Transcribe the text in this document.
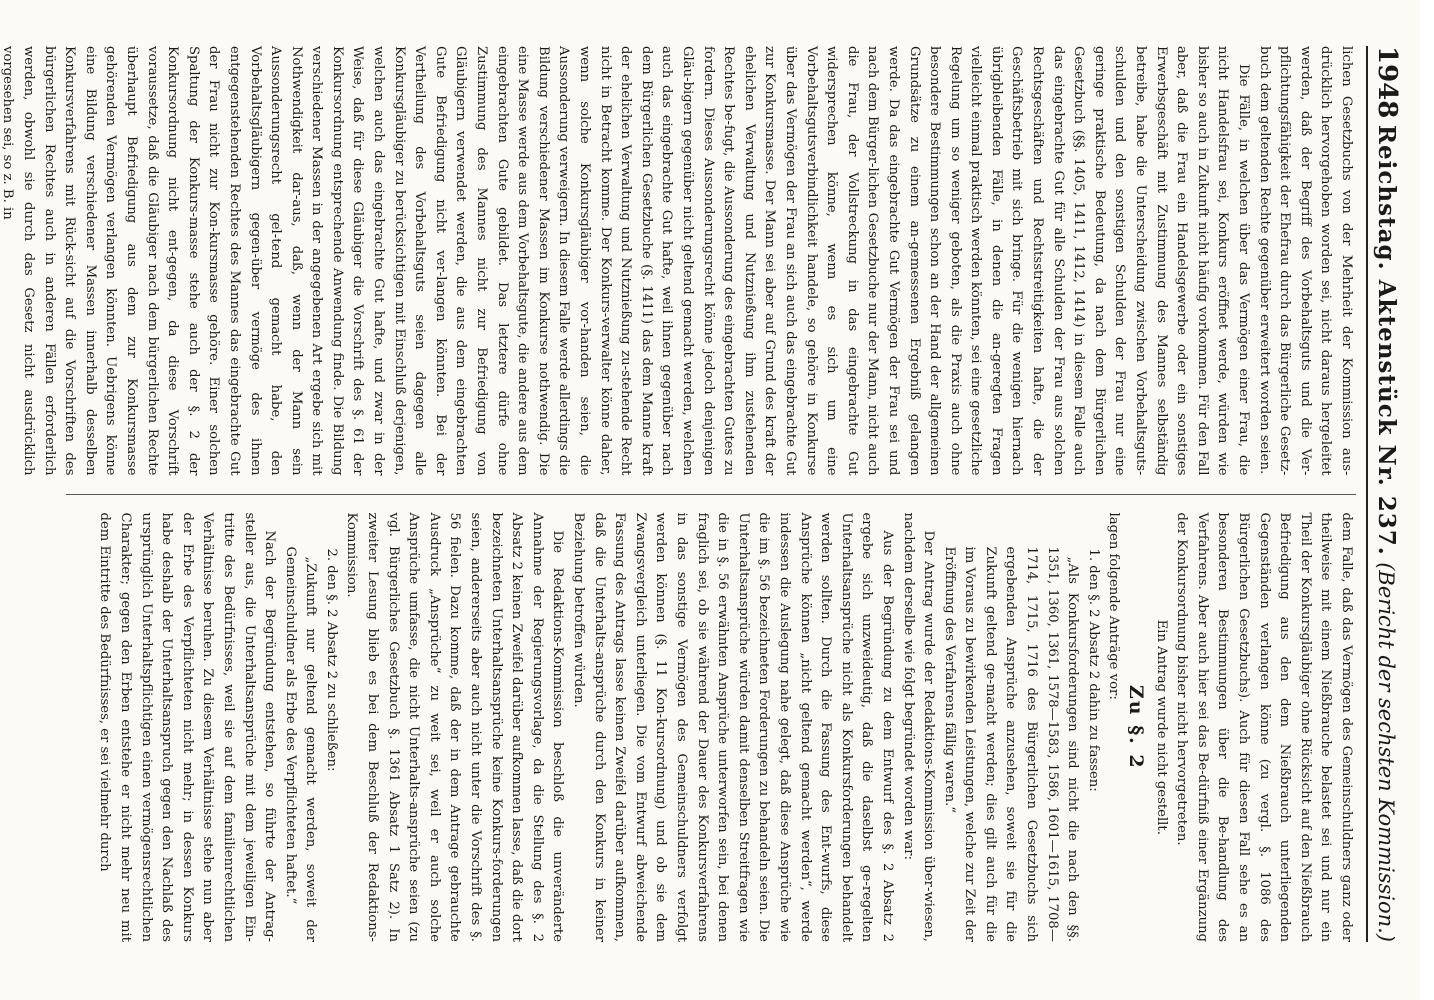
1948
Reichstag. Aktenstück Nr. 237.
(Bericht der sechsten Kommission.)

lichen Gesetzbuchs von der Mehrheit der Kommission aus-drücklich hervorgehoben worden sei, nicht daraus hergeleitet werden, daß der Begriff des Vorbehaltsguts und die Ver-pflichtungsfähigkeit der Ehefrau durch das Bürgerliche Gesetz-buch dem geltenden Rechte gegenüber erweitert worden seien.

Die Fälle, in welchen über das Vermögen einer Frau, die nicht Handelsfrau sei, Konkurs eröffnet werde, würden wie bisher so auch in Zukunft nicht häufig vorkommen. Für den Fall aber, daß die Frau ein Handelsgewerbe oder ein sonstiges Erwerbsgeschäft mit Zustimmung des Mannes selbständig betreibe, habe die Unterscheidung zwischen Vorbehaltsguts-schulden und den sonstigen Schulden der Frau nur eine geringe praktische Bedeutung, da nach dem Bürgerlichen Gesetzbuch (§§. 1405, 1411, 1412, 1414) in diesem Falle auch das eingebrachte Gut für alle Schulden der Frau aus solchen Rechtsgeschäften und Rechtsstreitigkeiten hafte, die der Geschäftsbetrieb mit sich bringe. Für die wenigen hiernach übrigbleibenden Fälle, in denen die an-geregten Fragen vielleicht einmal praktisch werden könnten, sei eine gesetzliche Regelung um so weniger geboten, als die Praxis auch ohne besondere Bestimmungen schon an der Hand der allgemeinen Grundsätze zu einem an-gemessenen Ergebniß gelangen werde. Da das eingebrachte Gut Vermögen der Frau sei und nach dem Bürger-lichen Gesetzbuche nur der Mann, nicht auch die Frau, der Vollstreckung in das eingebrachte Gut widersprechen könne, wenn es sich um eine Vorbehaltsgutsverbindlichkeit handele, so gehöre in Konkurse über das Vermögen der Frau an sich auch das eingebrachte Gut zur Konkursmasse. Der Mann sei aber auf Grund des kraft der ehelichen Verwaltung und Nutznießung ihm zustehenden Rechtes be-fugt, die Aussonderung des eingebrachten Gutes zu fordern. Dieses Aussonderungsrecht könne jedoch denjenigen Gläu-bigern gegenüber nicht geltend gemacht werden, welchen auch das eingebrachte Gut hafte, weil ihnen gegenüber nach dem Bürgerlichen Gesetzbuche (§. 1411) das dem Manne kraft der ehelichen Verwaltung und Nutznießung zu-stehende Recht nicht in Betracht komme. Der Konkurs-verwalter könne daher, wenn solche Konkursgläubiger vor-handen seien, die Aussonderung verweigern. In diesem Falle werde allerdings die Bildung verschiedener Massen im Konkurse nothwendig. Die eine Masse werde aus dem Vorbehaltsgute, die andere aus dem eingebrachten Gute gebildet. Das letztere dürfe ohne Zustimmung des Mannes nicht zur Befriedigung von Gläubigern verwendet werden, die aus dem eingebrachten Gute Befriedigung nicht ver-langen könnten. Bei der Vertheilung des Vorbehaltsguts seien dagegen alle Konkursgläubiger zu berücksichtigen mit Einschluß derjenigen, welchen auch das eingebrachte Gut hafte, und zwar in der Weise, daß für diese Gläubiger die Vorschrift des §. 61 der Konkursordnung entsprechende Anwendung finde. Die Bildung verschiedener Massen in der angegebenen Art ergebe sich mit Nothwendigkeit dar-aus, daß, wenn der Mann sein Aussonderungsrecht gel-tend gemacht habe, den Vorbehaltsgläubigern gegen-über vermöge des ihnen entgegenstehenden Rechtes des Mannes das eingebrachte Gut der Frau nicht zur Kon-kursmasse gehöre. Einer solchen Spaltung der Konkurs-masse stehe auch der §. 2 der Konkursordnung nicht ent-gegen, da diese Vorschrift voraussetze, daß die Gläubiger nach dem bürgerlichen Rechte überhaupt Befriedigung aus dem zur Konkursmasse gehörenden Vermögen verlangen könnten. Uebrigens könne eine Bildung verschiedener Massen innerhalb desselben Konkursverfahrens mit Rück-sicht auf die Vorschriften des bürgerlichen Rechtes auch in anderen Fällen erforderlich werden, obwohl sie durch das Gesetz nicht ausdrücklich vorgesehen sei, so z. B. in

dem Falle, daß das Vermögen des Gemeinschuldners ganz oder theilweise mit einem Nießbrauche belastet sei und nur ein Theil der Konkursgläubiger ohne Rücksicht auf den Nießbrauch Befriedigung aus den dem Nießbrauch unterliegenden Gegenständen verlangen könne (zu vergl. §. 1086 des Bürgerlichen Gesetzbuchs). Auch für diesen Fall sehe es an besonderen Bestimmungen über die Be-handlung des Verfahrens. Aber auch hier sei das Be-dürfniß einer Ergänzung der Konkursordnung bisher nicht hervorgetreten.

Ein Antrag wurde nicht gestellt.

Zu §. 2

lagen folgende Anträge vor:

1. den §. 2 Absatz 2 dahin zu fassen:

„Als Konkursforderungen sind nicht die nach den §§. 1351, 1360, 1361, 1578—1583, 1586, 1601—1615, 1708—1714, 1715, 1716 des Bürgerlichen Gesetzbuchs sich ergebenden Ansprüche anzusehen, soweit sie für die Zukunft geltend ge-macht werden; dies gilt auch für die im Voraus zu bewirkenden Leistungen, welche zur Zeit der Eröffnung des Verfahrens fällig waren.“

Der Antrag wurde der Redaktions-Kommission über-wiesen, nachdem derselbe wie folgt begründet worden war:

Aus der Begründung zu dem Entwurf des §. 2 Absatz 2 ergebe sich unzweideutig, daß die daselbst ge-regelten Unterhaltsansprüche nicht als Konkursforderungen behandelt werden sollten. Durch die Fassung des Ent-wurfs, diese Ansprüche können „nicht geltend gemacht werden“, werde indessen die Auslegung nahe gelegt, daß diese Ansprüche wie die im §. 56 bezeichneten Forderungen zu behandeln seien. Die Unterhaltsansprüche würden damit denselben Streitfragen wie die in §. 56 erwähnten Ansprüche unterworfen sein, bei denen fraglich sei, ob sie während der Dauer des Konkursverfahrens in das sonstige Vermögen des Gemeinschuldners verfolgt werden können (§. 11 Kon-kursordnung) und ob sie dem Zwangsvergleich unterliegen. Die vom Entwurf abweichende Fassung des Antrags lasse keinen Zweifel darüber aufkommen, daß die Unterhalts-ansprüche durch den Konkurs in keiner Beziehung betroffen würden.

Die Redaktions-Kommission beschloß die unveränderte Annahme der Regierungsvorlage, da die Stellung des §. 2 Absatz 2 keinen Zweifel darüber aufkommen lasse, daß die dort bezeichneten Unterhaltsansprüche keine Konkurs-forderungen seien, andererseits aber auch nicht unter die Vorschrift des §. 56 fielen. Dazu komme, daß der in dem Antrage gebrauchte Ausdruck „Ansprüche“ zu weit sei, weil er auch solche Ansprüche umfasse, die nicht Unterhalts-ansprüche seien (zu vgl. Bürgerliches Gesetzbuch §. 1361 Absatz 1 Satz 2). In zweiter Lesung blieb es bei dem Beschluß der Redaktions-Kommission.

2. den §. 2 Absatz 2 zu schließen:

„Zukunft nur geltend gemacht werden, soweit der Gemeinschuldner als Erbe des Verpflichteten haftet.“

Nach der Begründung entstehen, so führte der Antrag-steller aus, die Unterhaltsansprüche mit dem jeweiligen Ein-tritte des Bedürfnisses, weil sie auf dem familienrechtlichen Verhältnisse beruhen. Zu diesem Verhältnisse stehe nun aber der Erbe des Verpflichteten nicht mehr; in dessen Konkurs habe deshalb der Unterhaltsanspruch gegen den Nachlaß des ursprünglich Unterhaltspflichtigen einen vermögensrechtlichen Charakter; gegen den Erben entstehe er nicht mehr neu mit dem Eintritte des Bedürfnisses, er sei vielmehr durch
